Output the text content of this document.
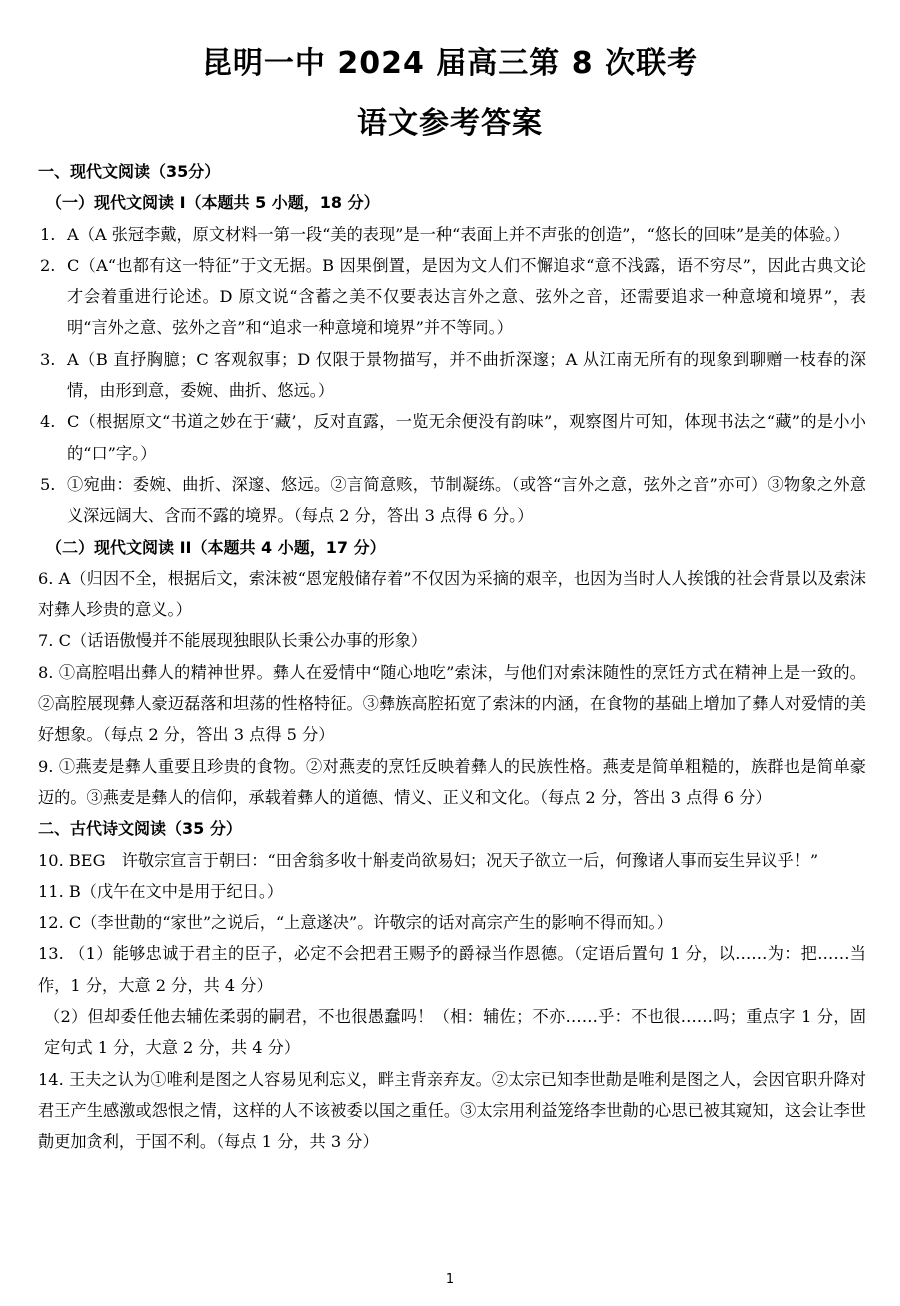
昆明一中 2024 届高三第 8 次联考
语文参考答案
一、现代文阅读（35分）
（一）现代文阅读 I（本题共 5 小题，18 分）
1. A（A 张冠李戴，原文材料一第一段“美的表现”是一种“表面上并不声张的创造”，“悠长的回味”是美的体验。）

2. C（A“也都有这一特征”于文无据。B 因果倒置，是因为文人们不懈追求“意不浅露，语不穷尽”，因此古典文论才会着重进行论述。D 原文说“含蓄之美不仅要表达言外之意、弦外之音，还需要追求一种意境和境界”，表明“言外之意、弦外之音”和“追求一种意境和境界”并不等同。）

3. A（B 直抒胸臆；C 客观叙事；D 仅限于景物描写，并不曲折深邃；A 从江南无所有的现象到聊赠一枝春的深情，由形到意，委婉、曲折、悠远。）

4. C（根据原文“书道之妙在于‘藏’，反对直露，一览无余便没有韵味”，观察图片可知，体现书法之“藏”的是小小的“口”字。）

5. ①宛曲：委婉、曲折、深邃、悠远。②言简意赅，节制凝练。（或答“言外之意，弦外之音”亦可）③物象之外意义深远阔大、含而不露的境界。（每点 2 分，答出 3 点得 6 分。）

（二）现代文阅读 II（本题共 4 小题，17 分）

6. A（归因不全，根据后文，索沫被“恩宠般储存着”不仅因为采摘的艰辛，也因为当时人人挨饿的社会背景以及索沫对彝人珍贵的意义。）

7. C（话语傲慢并不能展现独眼队长秉公办事的形象）

8. ①高腔唱出彝人的精神世界。彝人在爱情中“随心地吃”索沫，与他们对索沫随性的烹饪方式在精神上是一致的。②高腔展现彝人豪迈磊落和坦荡的性格特征。③彝族高腔拓宽了索沫的内涵，在食物的基础上增加了彝人对爱情的美好想象。（每点 2 分，答出 3 点得 5 分）

9. ①燕麦是彝人重要且珍贵的食物。②对燕麦的烹饪反映着彝人的民族性格。燕麦是简单粗糙的，族群也是简单豪迈的。③燕麦是彝人的信仰，承载着彝人的道德、情义、正义和文化。（每点 2 分，答出 3 点得 6 分）

二、古代诗文阅读（35 分）

10. BEG　许敬宗宣言于朝曰：“田舍翁多收十斛麦尚欲易妇；况天子欲立一后，何豫诸人事而妄生异议乎！”

11. B（戊午在文中是用于纪日。）

12. C（李世勣的“家世”之说后，“上意遂决”。许敬宗的话对高宗产生的影响不得而知。）

13. （1）能够忠诚于君主的臣子，必定不会把君王赐予的爵禄当作恩德。（定语后置句 1 分，以……为：把……当作，1 分，大意 2 分，共 4 分）

（2）但却委任他去辅佐柔弱的嗣君，不也很愚蠢吗！（相：辅佐；不亦……乎：不也很……吗；重点字 1 分，固定句式 1 分，大意 2 分，共 4 分）

14. 王夫之认为①唯利是图之人容易见利忘义，畔主背亲弃友。②太宗已知李世勣是唯利是图之人，会因官职升降对君王产生感激或怨恨之情，这样的人不该被委以国之重任。③太宗用利益笼络李世勣的心思已被其窥知，这会让李世勣更加贪利，于国不利。（每点 1 分，共 3 分）

1
